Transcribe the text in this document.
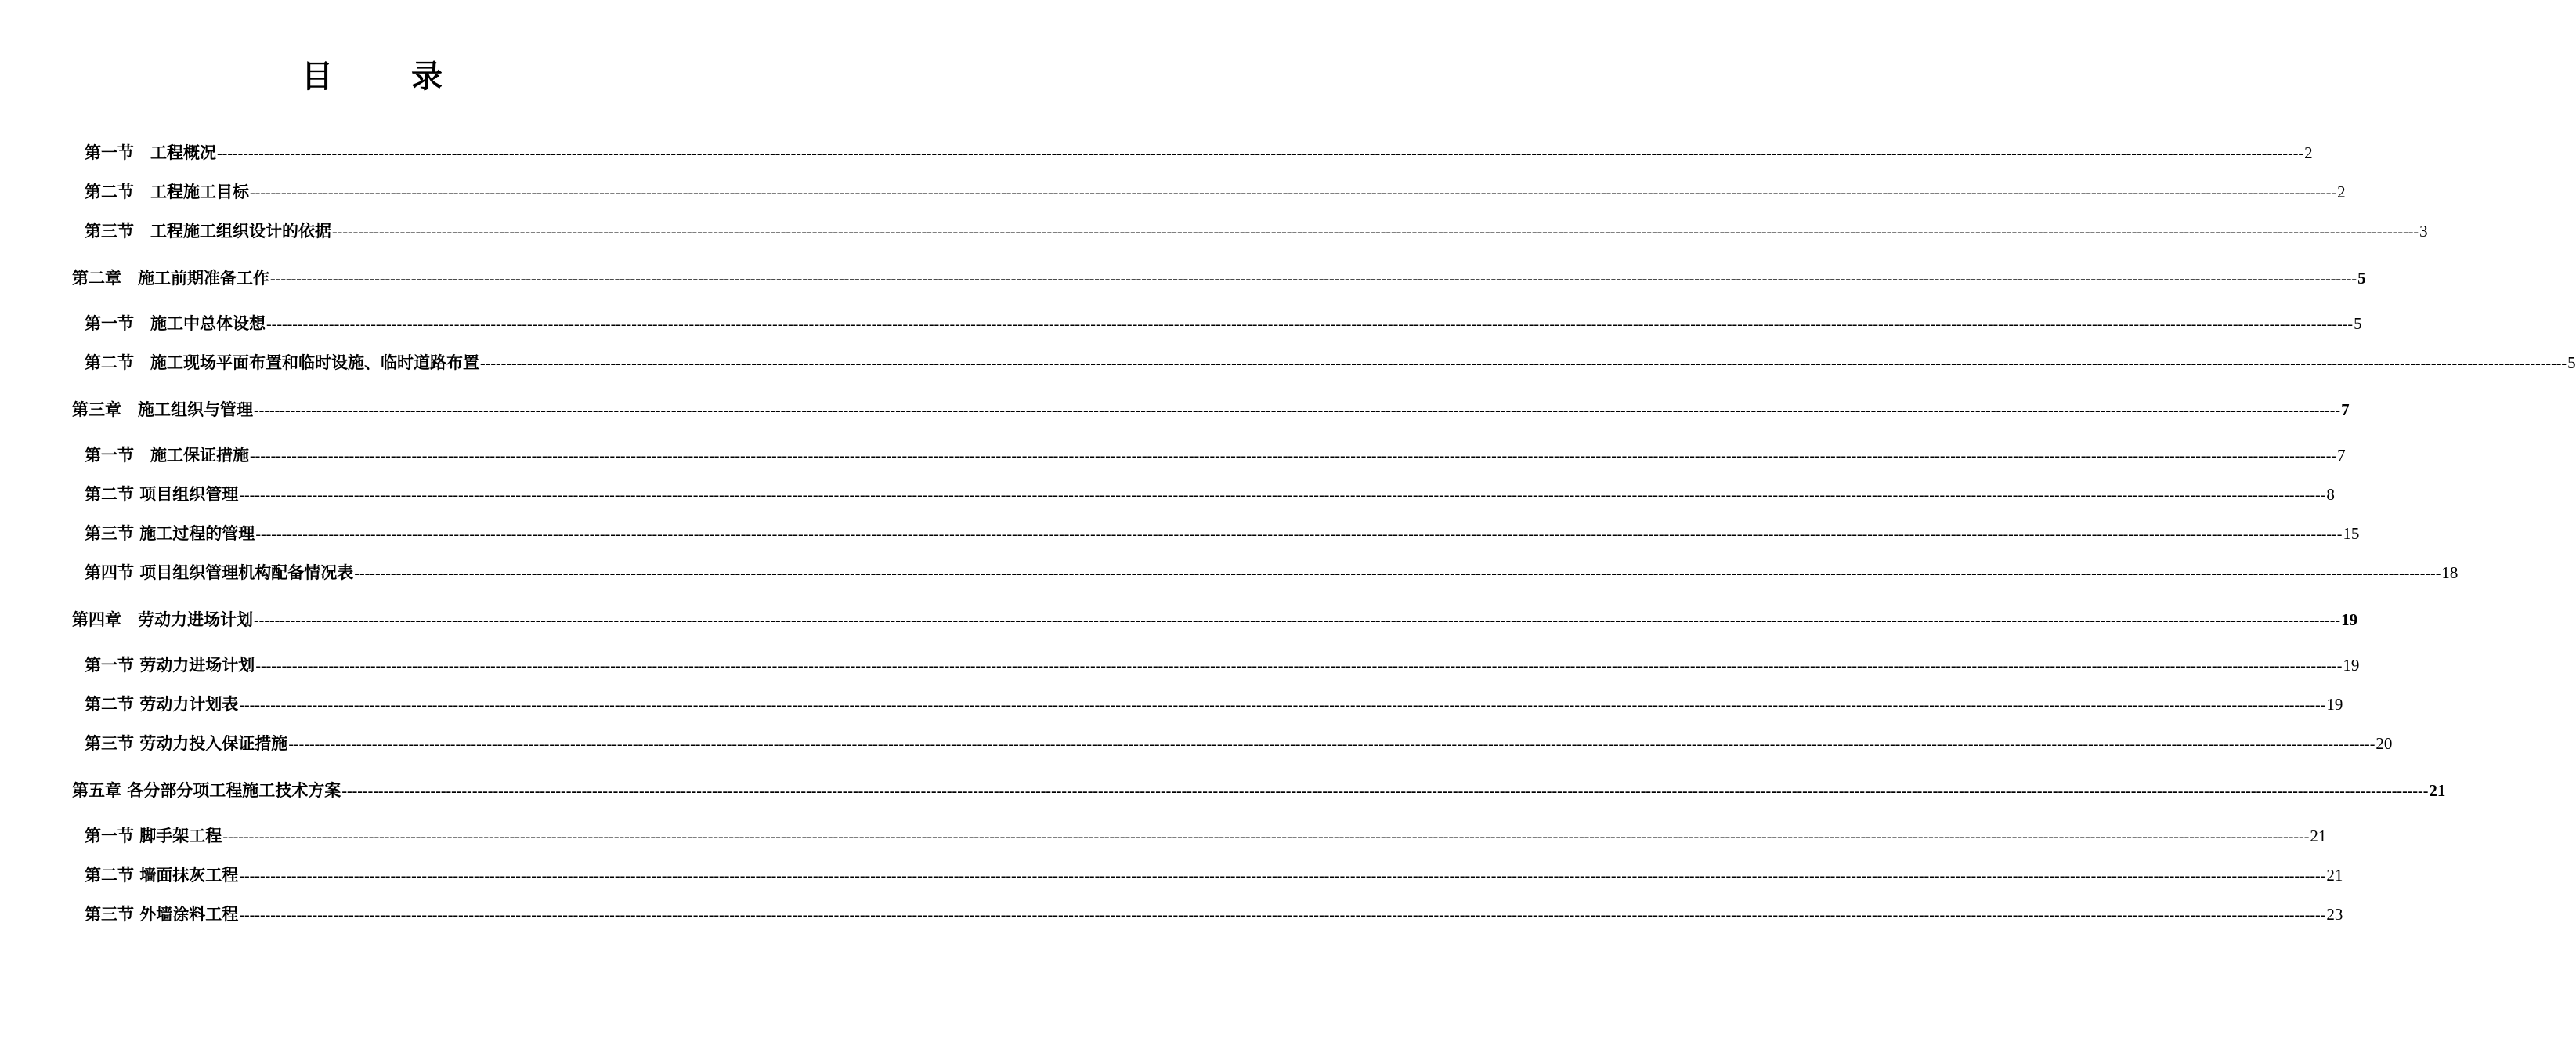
目　录
第一节　工程概况 ---------------------------------------------------------------------------------------------------------------------------------------------------------------------------------------------------------------------------------------------------------------------------------------------------------------------------------------------------------------------------------------------------------------- 2
第二节　工程施工目标 ---------------------------------------------------------------------------------------------------------------------------------------------------------------------------------------------------------------------------------------------------------------------------------------------------------------------------------------------------------------------------------------------------------------- 2
第三节　工程施工组织设计的依据 ---------------------------------------------------------------------------------------------------------------------------------------------------------------------------------------------------------------------------------------------------------------------------------------------------------------------------------------------------------------------------------------------------------------- 3
第二章　施工前期准备工作 ---------------------------------------------------------------------------------------------------------------------------------------------------------------------------------------------------------------------------------------------------------------------------------------------------------------------------------------------------------------------------------------------------------------- 5
第一节　施工中总体设想 ---------------------------------------------------------------------------------------------------------------------------------------------------------------------------------------------------------------------------------------------------------------------------------------------------------------------------------------------------------------------------------------------------------------- 5
第二节　施工现场平面布置和临时设施、临时道路布置 ---------------------------------------------------------------------------------------------------------------------------------------------------------------------------------------------------------------------------------------------------------------------------------------------------------------------------------------------------------------------------------------------------------------- 5
第三章　施工组织与管理 ---------------------------------------------------------------------------------------------------------------------------------------------------------------------------------------------------------------------------------------------------------------------------------------------------------------------------------------------------------------------------------------------------------------- 7
第一节　施工保证措施 ---------------------------------------------------------------------------------------------------------------------------------------------------------------------------------------------------------------------------------------------------------------------------------------------------------------------------------------------------------------------------------------------------------------- 7
第二节 项目组织管理 ---------------------------------------------------------------------------------------------------------------------------------------------------------------------------------------------------------------------------------------------------------------------------------------------------------------------------------------------------------------------------------------------------------------- 8
第三节 施工过程的管理 ---------------------------------------------------------------------------------------------------------------------------------------------------------------------------------------------------------------------------------------------------------------------------------------------------------------------------------------------------------------------------------------------------------------- 15
第四节 项目组织管理机构配备情况表 ---------------------------------------------------------------------------------------------------------------------------------------------------------------------------------------------------------------------------------------------------------------------------------------------------------------------------------------------------------------------------------------------------------------- 18
第四章　劳动力进场计划 ---------------------------------------------------------------------------------------------------------------------------------------------------------------------------------------------------------------------------------------------------------------------------------------------------------------------------------------------------------------------------------------------------------------- 19
第一节 劳动力进场计划 ---------------------------------------------------------------------------------------------------------------------------------------------------------------------------------------------------------------------------------------------------------------------------------------------------------------------------------------------------------------------------------------------------------------- 19
第二节 劳动力计划表 ---------------------------------------------------------------------------------------------------------------------------------------------------------------------------------------------------------------------------------------------------------------------------------------------------------------------------------------------------------------------------------------------------------------- 19
第三节 劳动力投入保证措施 ---------------------------------------------------------------------------------------------------------------------------------------------------------------------------------------------------------------------------------------------------------------------------------------------------------------------------------------------------------------------------------------------------------------- 20
第五章 各分部分项工程施工技术方案 ---------------------------------------------------------------------------------------------------------------------------------------------------------------------------------------------------------------------------------------------------------------------------------------------------------------------------------------------------------------------------------------------------------------- 21
第一节 脚手架工程 ---------------------------------------------------------------------------------------------------------------------------------------------------------------------------------------------------------------------------------------------------------------------------------------------------------------------------------------------------------------------------------------------------------------- 21
第二节 墙面抹灰工程 ---------------------------------------------------------------------------------------------------------------------------------------------------------------------------------------------------------------------------------------------------------------------------------------------------------------------------------------------------------------------------------------------------------------- 21
第三节 外墙涂料工程 ---------------------------------------------------------------------------------------------------------------------------------------------------------------------------------------------------------------------------------------------------------------------------------------------------------------------------------------------------------------------------------------------------------------- 23
